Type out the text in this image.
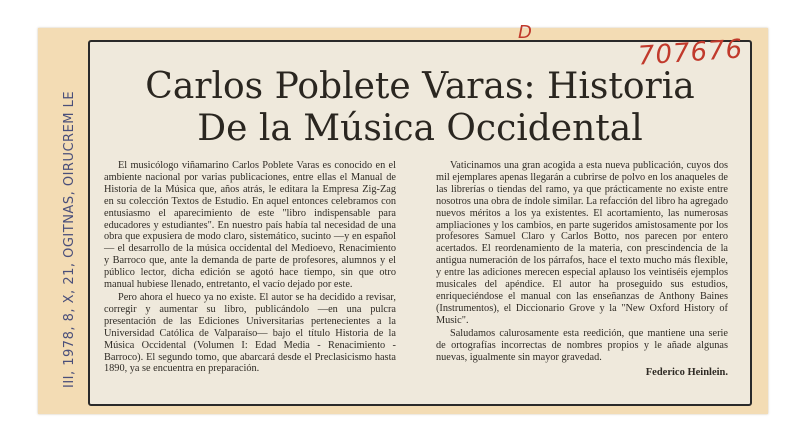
III, 1978, 8, X, 21, OGITNAS, OIRUCREM LE
Carlos Poblete Varas: Historia
De la Música Occidental

El musicólogo viñamarino Carlos Poblete Varas es conocido en el ambiente nacional por varias publicaciones, entre ellas el Manual de Historia de la Música que, años atrás, le editara la Empresa Zig-Zag en su colección Textos de Estudio. En aquel entonces celebramos con entusiasmo el aparecimiento de este "libro indispensable para educadores y estudiantes". En nuestro país había tal necesidad de una obra que expusiera de modo claro, sistemático, sucinto —y en español— el desarrollo de la música occidental del Medioevo, Renacimiento y Barroco que, ante la demanda de parte de profesores, alumnos y el público lector, dicha edición se agotó hace tiempo, sin que otro manual hubiese llenado, entretanto, el vacío dejado por este.

Pero ahora el hueco ya no existe. El autor se ha decidido a revisar, corregir y aumentar su libro, publicándolo —en una pulcra presentación de las Ediciones Universitarias pertenecientes a la Universidad Católica de Valparaíso— bajo el título Historia de la Música Occidental (Volumen I: Edad Media - Renacimiento - Barroco). El segundo tomo, que abarcará desde el Preclasicismo hasta 1890, ya se encuentra en preparación.

Vaticinamos una gran acogida a esta nueva publicación, cuyos dos mil ejemplares apenas llegarán a cubrirse de polvo en los anaqueles de las librerías o tiendas del ramo, ya que prácticamente no existe entre nosotros una obra de índole similar. La refacción del libro ha agregado nuevos méritos a los ya existentes. El acortamiento, las numerosas ampliaciones y los cambios, en parte sugeridos amistosamente por los profesores Samuel Claro y Carlos Botto, nos parecen por entero acertados. El reordenamiento de la materia, con prescindencia de la antigua numeración de los párrafos, hace el texto mucho más flexible, y entre las adiciones merecen especial aplauso los veintiséis ejemplos musicales del apéndice. El autor ha proseguido sus estudios, enriqueciéndose el manual con las enseñanzas de Anthony Baines (Instrumentos), el Diccionario Grove y la "New Oxford History of Music".

Saludamos calurosamente esta reedición, que mantiene una serie de ortografías incorrectas de nombres propios y le añade algunas nuevas, igualmente sin mayor gravedad.

Federico Heinlein.
D
707676
